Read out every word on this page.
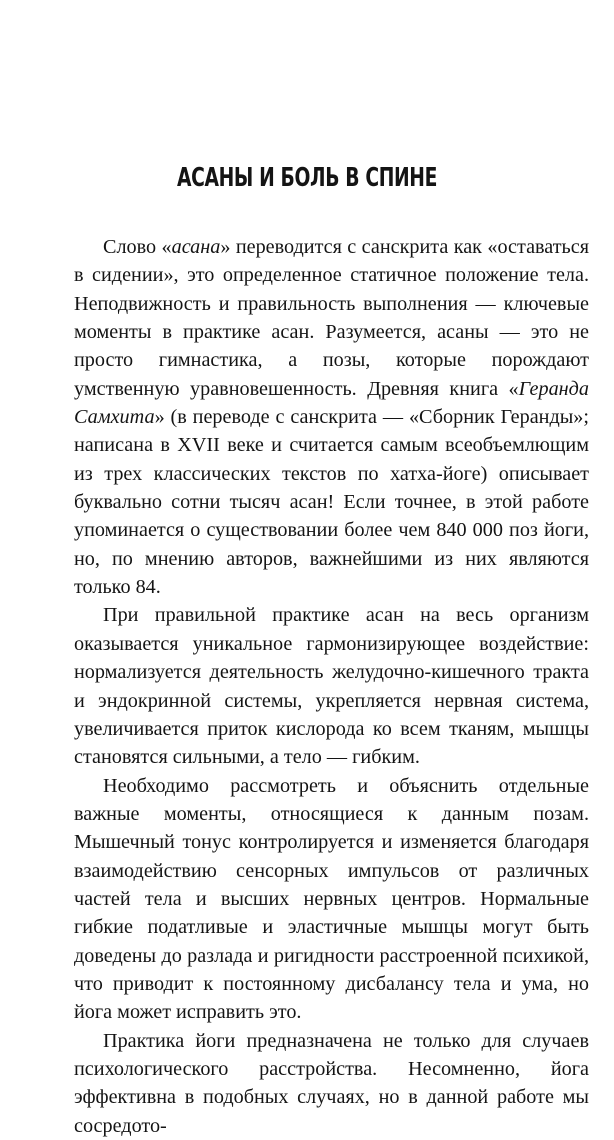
АСАНЫ И БОЛЬ В СПИНЕ

Слово «асана» переводится с санскрита как «оставаться в сидении», это определенное статичное положение тела. Неподвижность и правильность выполнения — ключевые моменты в практике асан. Разумеется, асаны — это не просто гимнастика, а позы, которые порождают умственную уравновешенность. Древняя книга «Геранда Самхита» (в переводе с санскрита — «Сборник Геранды»; написана в XVII веке и считается самым всеобъемлющим из трех классических текстов по хатха-йоге) описывает буквально сотни тысяч асан! Если точнее, в этой работе упоминается о существовании более чем 840 000 поз йоги, но, по мнению авторов, важнейшими из них являются только 84.

При правильной практике асан на весь организм оказывается уникальное гармонизирующее воздействие: нормализуется деятельность желудочно-кишечного тракта и эндокринной системы, укрепляется нервная система, увеличивается приток кислорода ко всем тканям, мышцы становятся сильными, а тело — гибким.

Необходимо рассмотреть и объяснить отдельные важные моменты, относящиеся к данным позам. Мышечный тонус контролируется и изменяется благодаря взаимодействию сенсорных импульсов от различных частей тела и высших нервных центров. Нормальные гибкие податливые и эластичные мышцы могут быть доведены до разлада и ригидности расстроенной психикой, что приводит к постоянному дисбалансу тела и ума, но йога может исправить это.

Практика йоги предназначена не только для случаев психологического расстройства. Несомненно, йога эффективна в подобных случаях, но в данной работе мы сосредото-
